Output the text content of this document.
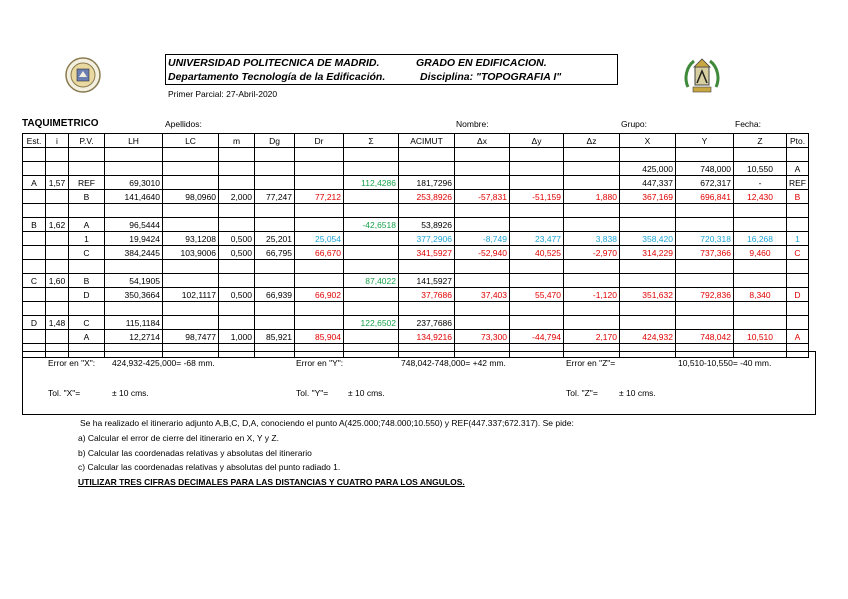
UNIVERSIDAD POLITECNICA DE MADRID.	GRADO EN EDIFICACION.
Departamento Tecnología de la Edificación.	Disciplina: "TOPOGRAFIA I"
Primer Parcial: 27-Abril-2020
TAQUIMETRICO	Apellidos:	Nombre:	Grupo:	Fecha:
Est.	i	P.V.	LH	LC	m	Dg	Dr	Σ	ACIMUT	Δx	Δy	Δz	X	Y	Z	Pto.

													425,000	748,000	10,550	A
A	1,57	REF	69,3010					112,4286	181,7296				447,337	672,317	-	REF
		B	141,4640	98,0960	2,000	77,247	77,212		253,8926	-57,831	-51,159	1,880	367,169	696,841	12,430	B

B	1,62	A	96,5444					-42,6518	53,8926							
		1	19,9424	93,1208	0,500	25,201	25,054		377,2906	-8,749	23,477	3,838	358,420	720,318	16,268	1
		C	384,2445	103,9006	0,500	66,795	66,670		341,5927	-52,940	40,525	-2,970	314,229	737,366	9,460	C

C	1,60	B	54,1905					87,4022	141,5927							
		D	350,3664	102,1117	0,500	66,939	66,902		37,7686	37,403	55,470	-1,120	351,632	792,836	8,340	D

D	1,48	C	115,1184					122,6502	237,7686							
		A	12,2714	98,7477	1,000	85,921	85,904		134,9216	73,300	-44,794	2,170	424,932	748,042	10,510	A

Error en "X": 424,932-425,000= -68 mm.	Error en "Y":	748,042-748,000= +42 mm.	Error en "Z"=	10,510-10,550= -40 mm.
Tol. "X"=	± 10 cms.	Tol. "Y"= ± 10 cms.	Tol. "Z"= ± 10 cms.
Se ha realizado el itinerario adjunto A,B,C, D,A, conociendo el punto A(425.000;748.000;10.550) y REF(447.337;672.317). Se pide:
a) Calcular el error de cierre del itinerario en X, Y y Z.
b) Calcular las coordenadas relativas y absolutas del itinerario
c) Calcular las coordenadas relativas y absolutas del punto radiado 1.
UTILIZAR TRES CIFRAS DECIMALES PARA LAS DISTANCIAS Y CUATRO PARA LOS ANGULOS.
